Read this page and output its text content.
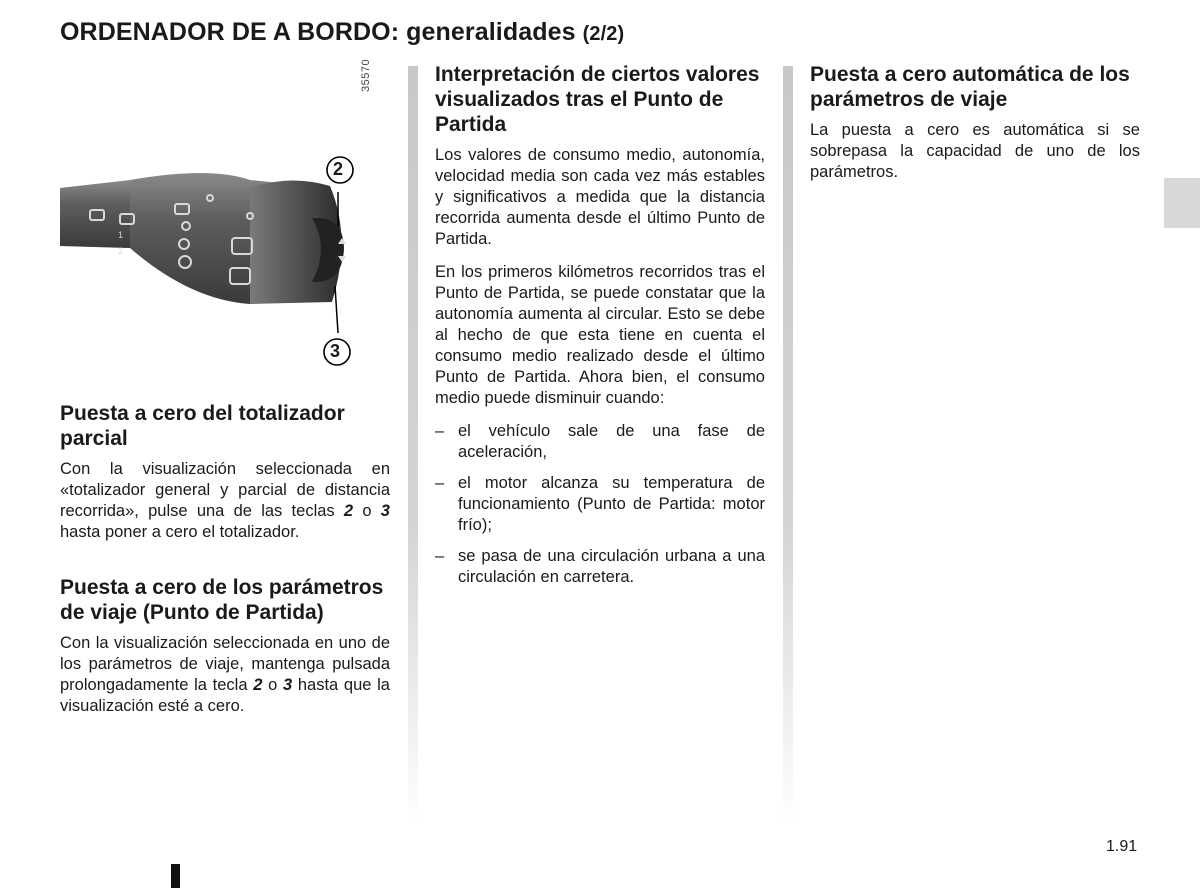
ORDENADOR DE A BORDO: generalidades (2/2)
1
2
2
3
35570
Puesta a cero del totalizador parcial

Con la visualización seleccionada en «totalizador general y parcial de distancia recorrida», pulse una de las teclas 2 o 3 hasta poner a cero el totalizador.

Puesta a cero de los parámetros de viaje (Punto de Partida)

Con la visualización seleccionada en uno de los parámetros de viaje, mantenga pulsada prolongadamente la tecla 2 o 3 hasta que la visualización esté a cero.

Interpretación de ciertos valores visualizados tras el Punto de Partida

Los valores de consumo medio, autonomía, velocidad media son cada vez más estables y significativos a medida que la distancia recorrida aumenta desde el último Punto de Partida.

En los primeros kilómetros recorridos tras el Punto de Partida, se puede constatar que la autonomía aumenta al circular. Esto se debe al hecho de que esta tiene en cuenta el consumo medio realizado desde el último Punto de Partida. Ahora bien, el consumo medio puede disminuir cuando:

– el vehículo sale de una fase de aceleración,
– el motor alcanza su temperatura de funcionamiento (Punto de Partida: motor frío);
– se pasa de una circulación urbana a una circulación en carretera.
Puesta a cero automática de los parámetros de viaje

La puesta a cero es automática si se sobrepasa la capacidad de uno de los parámetros.

1.91
